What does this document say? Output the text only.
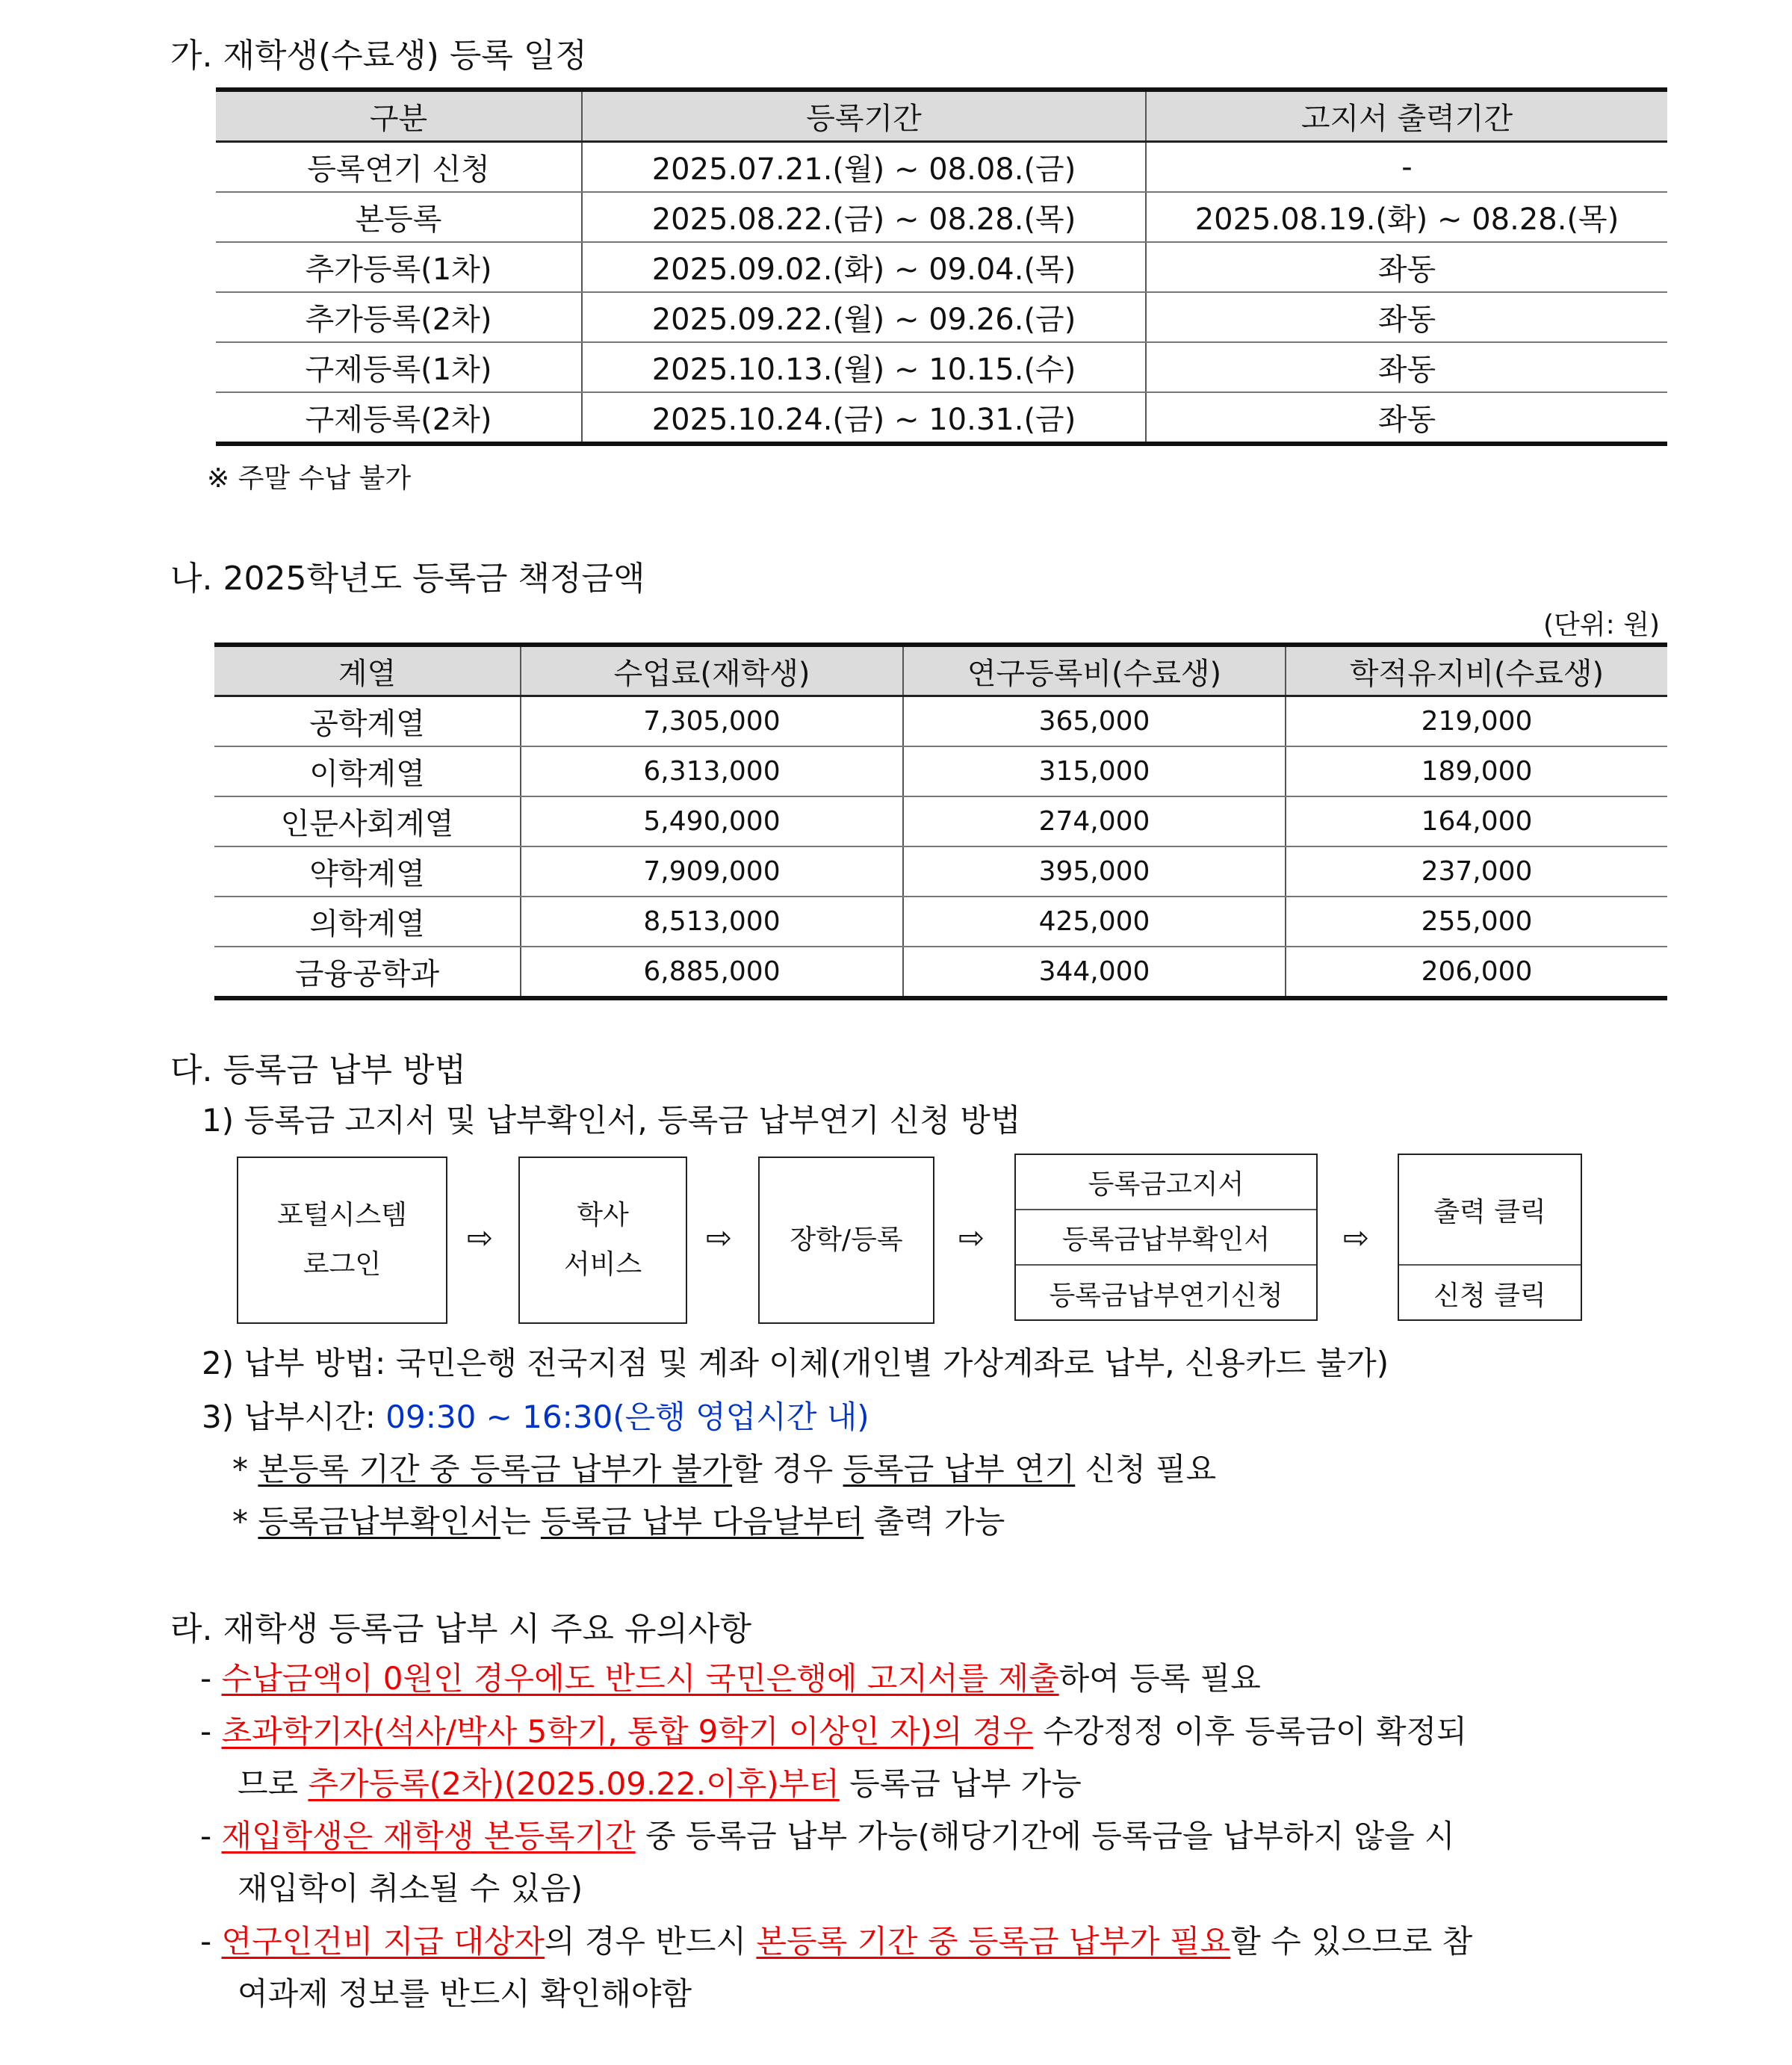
가. 재학생(수료생) 등록 일정
구분	등록기간	고지서 출력기간
등록연기 신청	2025.07.21.(월) ~ 08.08.(금)	-
본등록	2025.08.22.(금) ~ 08.28.(목)	2025.08.19.(화) ~ 08.28.(목)
추가등록(1차)	2025.09.02.(화) ~ 09.04.(목)	좌동
추가등록(2차)	2025.09.22.(월) ~ 09.26.(금)	좌동
구제등록(1차)	2025.10.13.(월) ~ 10.15.(수)	좌동
구제등록(2차)	2025.10.24.(금) ~ 10.31.(금)	좌동
※ 주말 수납 불가
나. 2025학년도 등록금 책정금액
(단위: 원)
계열	수업료(재학생)	연구등록비(수료생)	학적유지비(수료생)
공학계열	7,305,000	365,000	219,000
이학계열	6,313,000	315,000	189,000
인문사회계열	5,490,000	274,000	164,000
약학계열	7,909,000	395,000	237,000
의학계열	8,513,000	425,000	255,000
금융공학과	6,885,000	344,000	206,000
다. 등록금 납부 방법
1) 등록금 고지서 및 납부확인서, 등록금 납부연기 신청 방법
포털시스템
로그인
⇨
학사
서비스
⇨ 장학/등록 ⇨
등록금고지서
등록금납부확인서
등록금납부연기신청
⇨
출력 클릭
신청 클릭
2) 납부 방법: 국민은행 전국지점 및 계좌 이체(개인별 가상계좌로 납부, 신용카드 불가)
3) 납부시간: 09:30 ~ 16:30(은행 영업시간 내)
* 본등록 기간 중 등록금 납부가 불가할 경우 등록금 납부 연기 신청 필요
* 등록금납부확인서는 등록금 납부 다음날부터 출력 가능
라. 재학생 등록금 납부 시 주요 유의사항
- 수납금액이 0원인 경우에도 반드시 국민은행에 고지서를 제출하여 등록 필요
- 초과학기자(석사/박사 5학기, 통합 9학기 이상인 자)의 경우 수강정정 이후 등록금이 확정되
므로 추가등록(2차)(2025.09.22.이후)부터 등록금 납부 가능
- 재입학생은 재학생 본등록기간 중 등록금 납부 가능(해당기간에 등록금을 납부하지 않을 시
재입학이 취소될 수 있음)
- 연구인건비 지급 대상자의 경우 반드시 본등록 기간 중 등록금 납부가 필요할 수 있으므로 참
여과제 정보를 반드시 확인해야함
